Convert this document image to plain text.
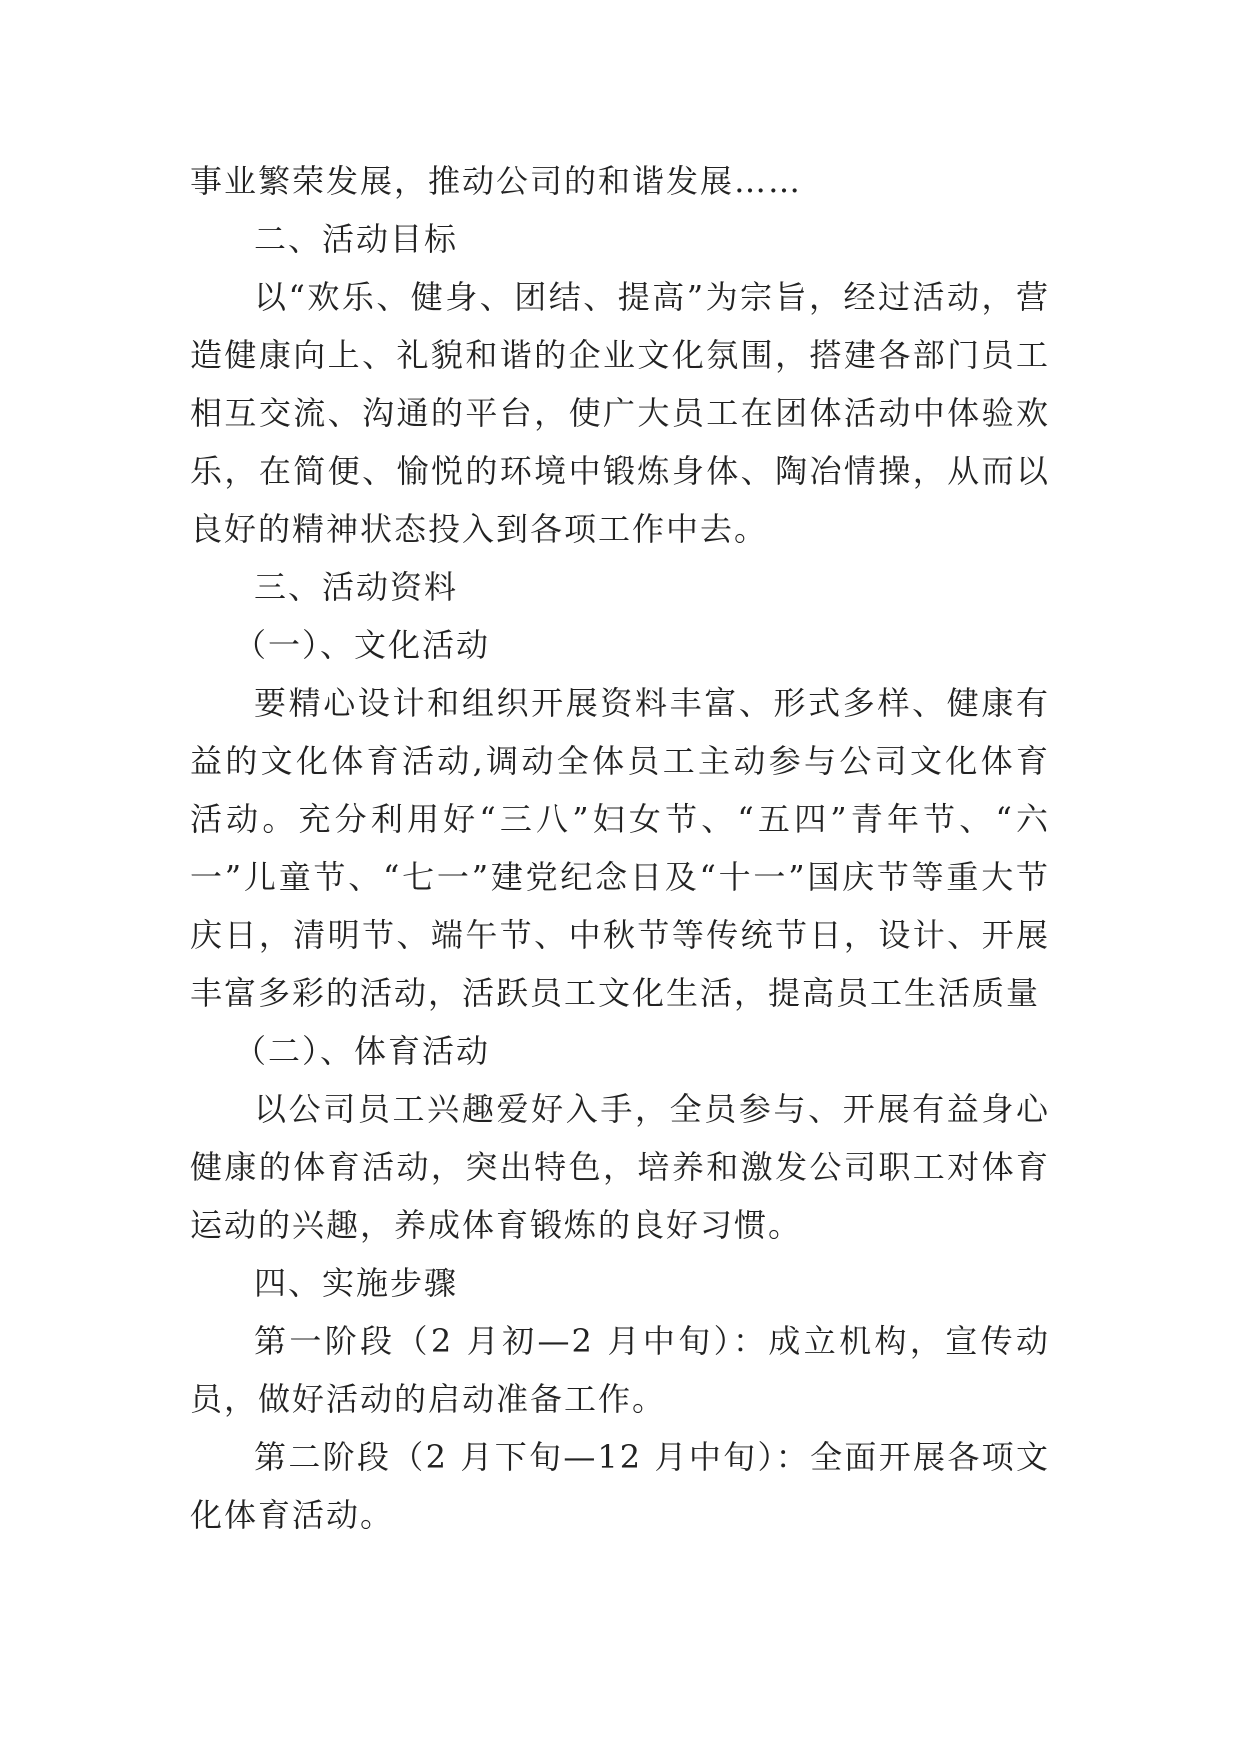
事业繁荣发展，推动公司的和谐发展……

二、活动目标

以“欢乐、健身、团结、提高”为宗旨，经过活动，营造健康向上、礼貌和谐的企业文化氛围，搭建各部门员工相互交流、沟通的平台，使广大员工在团体活动中体验欢乐，在简便、愉悦的环境中锻炼身体、陶冶情操，从而以良好的精神状态投入到各项工作中去。

三、活动资料

（一）、文化活动

要精心设计和组织开展资料丰富、形式多样、健康有益的文化体育活动,调动全体员工主动参与公司文化体育活动。充分利用好“三八”妇女节、“五四”青年节、“六一”儿童节、“七一”建党纪念日及“十一”国庆节等重大节庆日，清明节、端午节、中秋节等传统节日，设计、开展丰富多彩的活动，活跃员工文化生活，提高员工生活质量

（二）、体育活动

以公司员工兴趣爱好入手，全员参与、开展有益身心健康的体育活动，突出特色，培养和激发公司职工对体育运动的兴趣，养成体育锻炼的良好习惯。

四、实施步骤

第一阶段（2 月初—2 月中旬）：成立机构，宣传动员，做好活动的启动准备工作。

第二阶段（2 月下旬—12 月中旬）：全面开展各项文化体育活动。
